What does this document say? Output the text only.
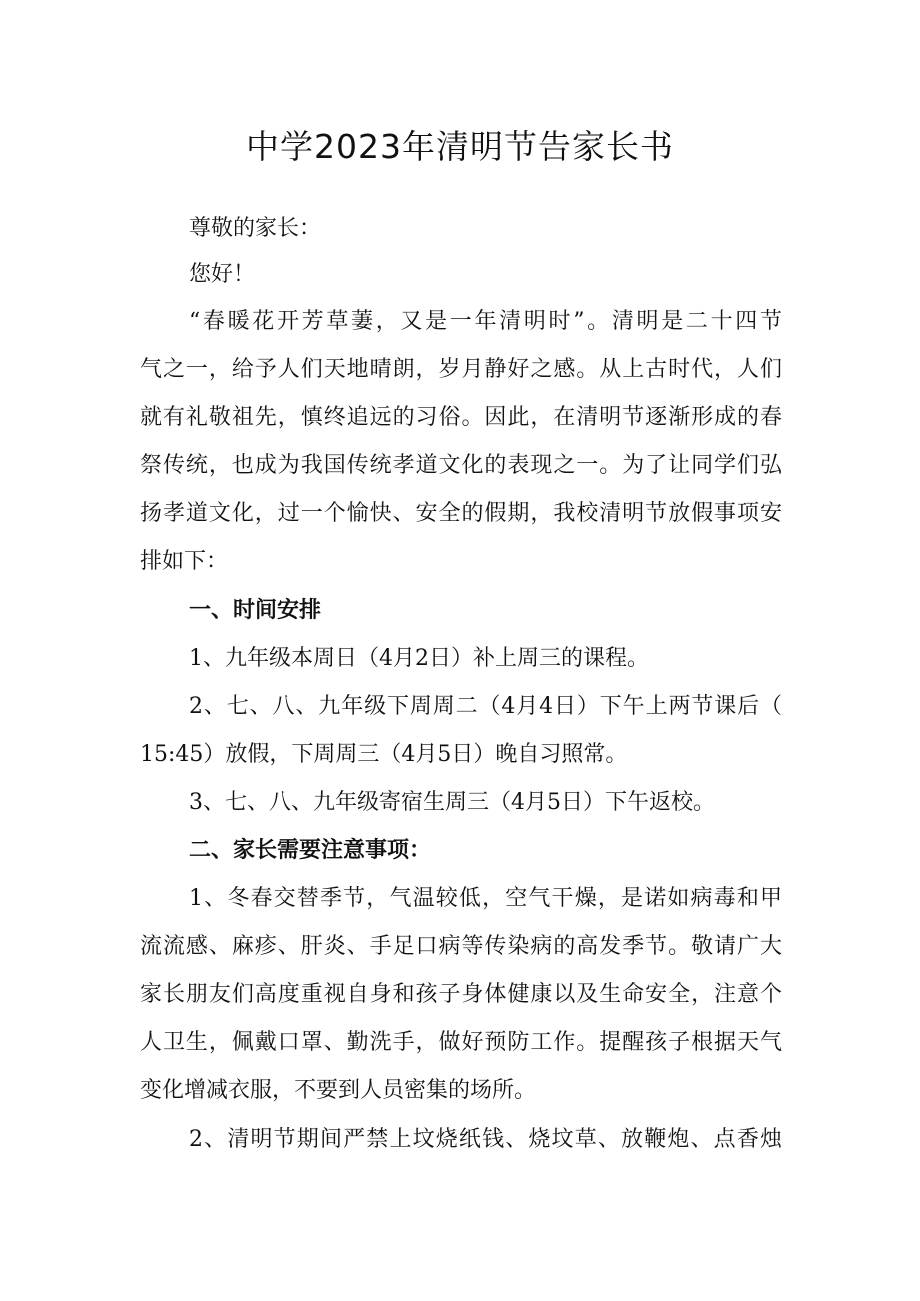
中学2023年清明节告家长书
尊敬的家长：
您好！
“春暖花开芳草萋，又是一年清明时”。清明是二十四节
气之一，给予人们天地晴朗，岁月静好之感。从上古时代，人们
就有礼敬祖先，慎终追远的习俗。因此，在清明节逐渐形成的春
祭传统，也成为我国传统孝道文化的表现之一。为了让同学们弘
扬孝道文化，过一个愉快、安全的假期，我校清明节放假事项安
排如下：
一、时间安排
1、九年级本周日（4月2日）补上周三的课程。
2、七、八、九年级下周周二（4月4日）下午上两节课后（
15:45）放假，下周周三（4月5日）晚自习照常。
3、七、八、九年级寄宿生周三（4月5日）下午返校。
二、家长需要注意事项：
1、冬春交替季节，气温较低，空气干燥，是诺如病毒和甲
流流感、麻疹、肝炎、手足口病等传染病的高发季节。敬请广大
家长朋友们高度重视自身和孩子身体健康以及生命安全，注意个
人卫生，佩戴口罩、勤洗手，做好预防工作。提醒孩子根据天气
变化增减衣服，不要到人员密集的场所。
2、清明节期间严禁上坟烧纸钱、烧坟草、放鞭炮、点香烛
